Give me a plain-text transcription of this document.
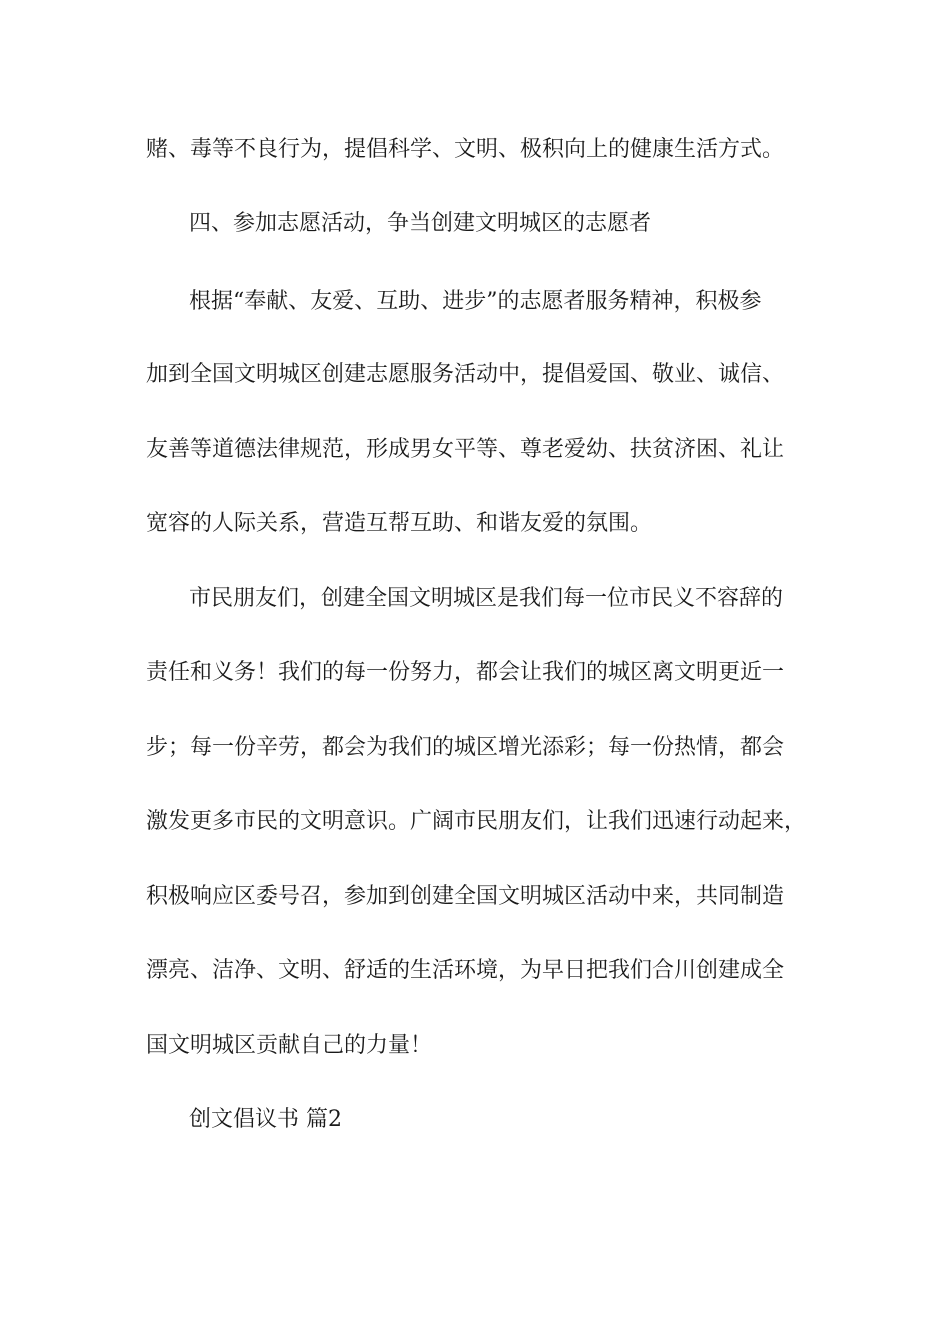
赌、毒等不良行为，提倡科学、文明、极积向上的健康生活方式。
四、参加志愿活动，争当创建文明城区的志愿者
根据“奉献、友爱、互助、进步”的志愿者服务精神，积极参
加到全国文明城区创建志愿服务活动中，提倡爱国、敬业、诚信、
友善等道德法律规范，形成男女平等、尊老爱幼、扶贫济困、礼让
宽容的人际关系，营造互帮互助、和谐友爱的氛围。
市民朋友们，创建全国文明城区是我们每一位市民义不容辞的
责任和义务！我们的每一份努力，都会让我们的城区离文明更近一
步；每一份辛劳，都会为我们的城区增光添彩；每一份热情，都会
激发更多市民的文明意识。广阔市民朋友们，让我们迅速行动起来，
积极响应区委号召，参加到创建全国文明城区活动中来，共同制造
漂亮、洁净、文明、舒适的生活环境，为早日把我们合川创建成全
国文明城区贡献自己的力量！
创文倡议书 篇2
